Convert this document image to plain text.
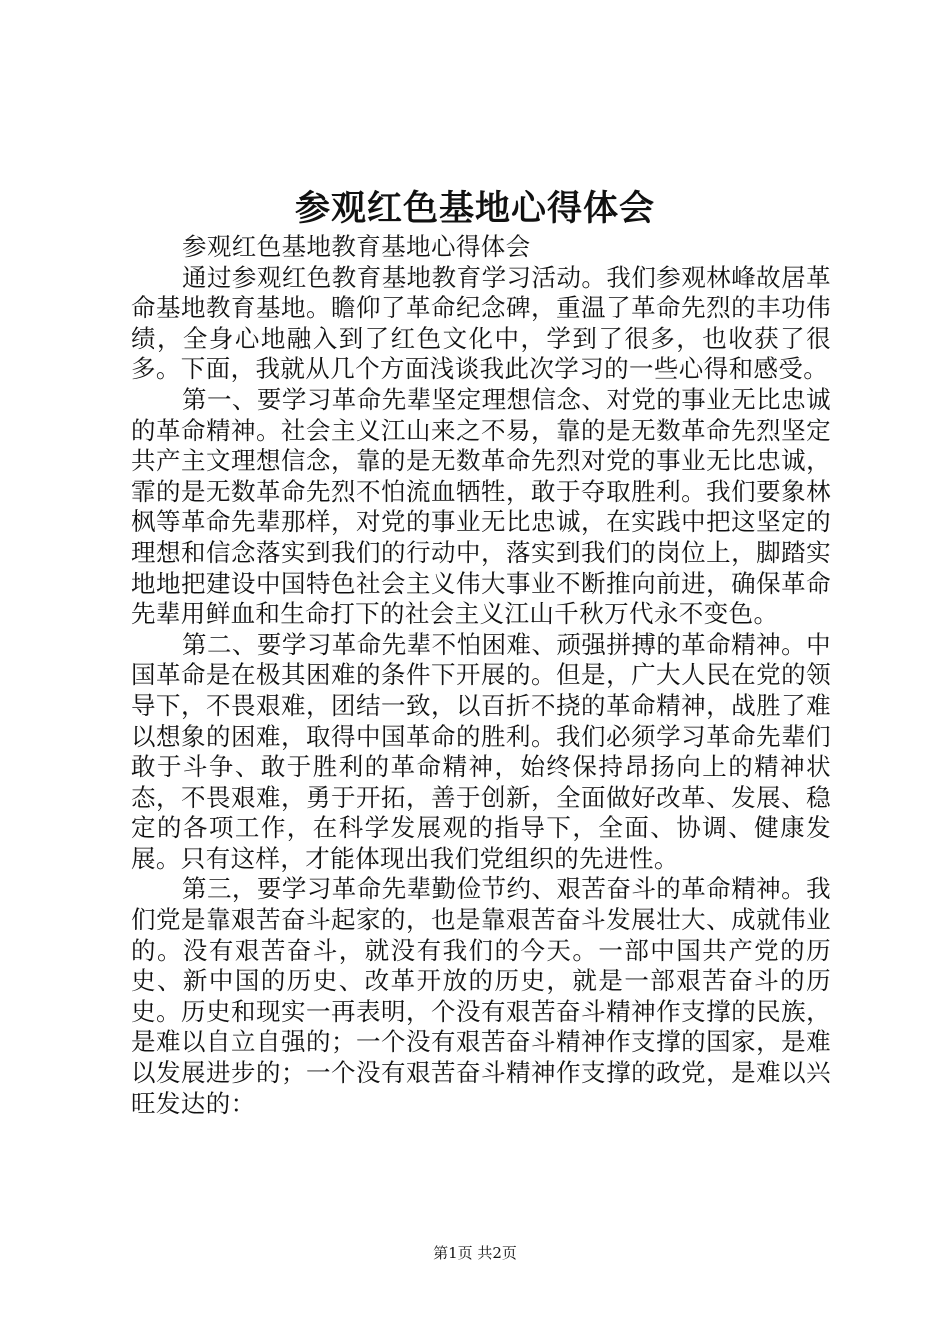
参观红色基地心得体会

参观红色基地教育基地心得体会

通过参观红色教育基地教育学习活动。我们参观林峰故居革命基地教育基地。瞻仰了革命纪念碑，重温了革命先烈的丰功伟绩，全身心地融入到了红色文化中，学到了很多，也收获了很多。下面，我就从几个方面浅谈我此次学习的一些心得和感受。

第一、要学习革命先辈坚定理想信念、对党的事业无比忠诚的革命精神。社会主义江山来之不易，靠的是无数革命先烈坚定共产主文理想信念，靠的是无数革命先烈对党的事业无比忠诚，霏的是无数革命先烈不怕流血牺牲，敢于夺取胜利。我们要象林枫等革命先辈那样，对党的事业无比忠诚，在实践中把这坚定的理想和信念落实到我们的行动中，落实到我们的岗位上，脚踏实地地把建设中国特色社会主义伟大事业不断推向前进，确保革命先辈用鲜血和生命打下的社会主义江山千秋万代永不变色。

第二、要学习革命先辈不怕困难、顽强拼搏的革命精神。中国革命是在极其困难的条件下开展的。但是，广大人民在党的领导下，不畏艰难，团结一致，以百折不挠的革命精神，战胜了难以想象的困难，取得中国革命的胜利。我们必须学习革命先辈们敢于斗争、敢于胜利的革命精神，始终保持昂扬向上的精神状态，不畏艰难，勇于开拓，善于创新，全面做好改革、发展、稳定的各项工作，在科学发展观的指导下，全面、协调、健康发展。只有这样，才能体现出我们党组织的先进性。

第三，要学习革命先辈勤俭节约、艰苦奋斗的革命精神。我们党是靠艰苦奋斗起家的，也是靠艰苦奋斗发展壮大、成就伟业的。没有艰苦奋斗，就没有我们的今天。一部中国共产党的历史、新中国的历史、改革开放的历史，就是一部艰苦奋斗的历史。历史和现实一再表明，个没有艰苦奋斗精神作支撑的民族，是难以自立自强的；一个没有艰苦奋斗精神作支撑的国家，是难以发展进步的；一个没有艰苦奋斗精神作支撑的政党，是难以兴旺发达的：

第1页 共2页
